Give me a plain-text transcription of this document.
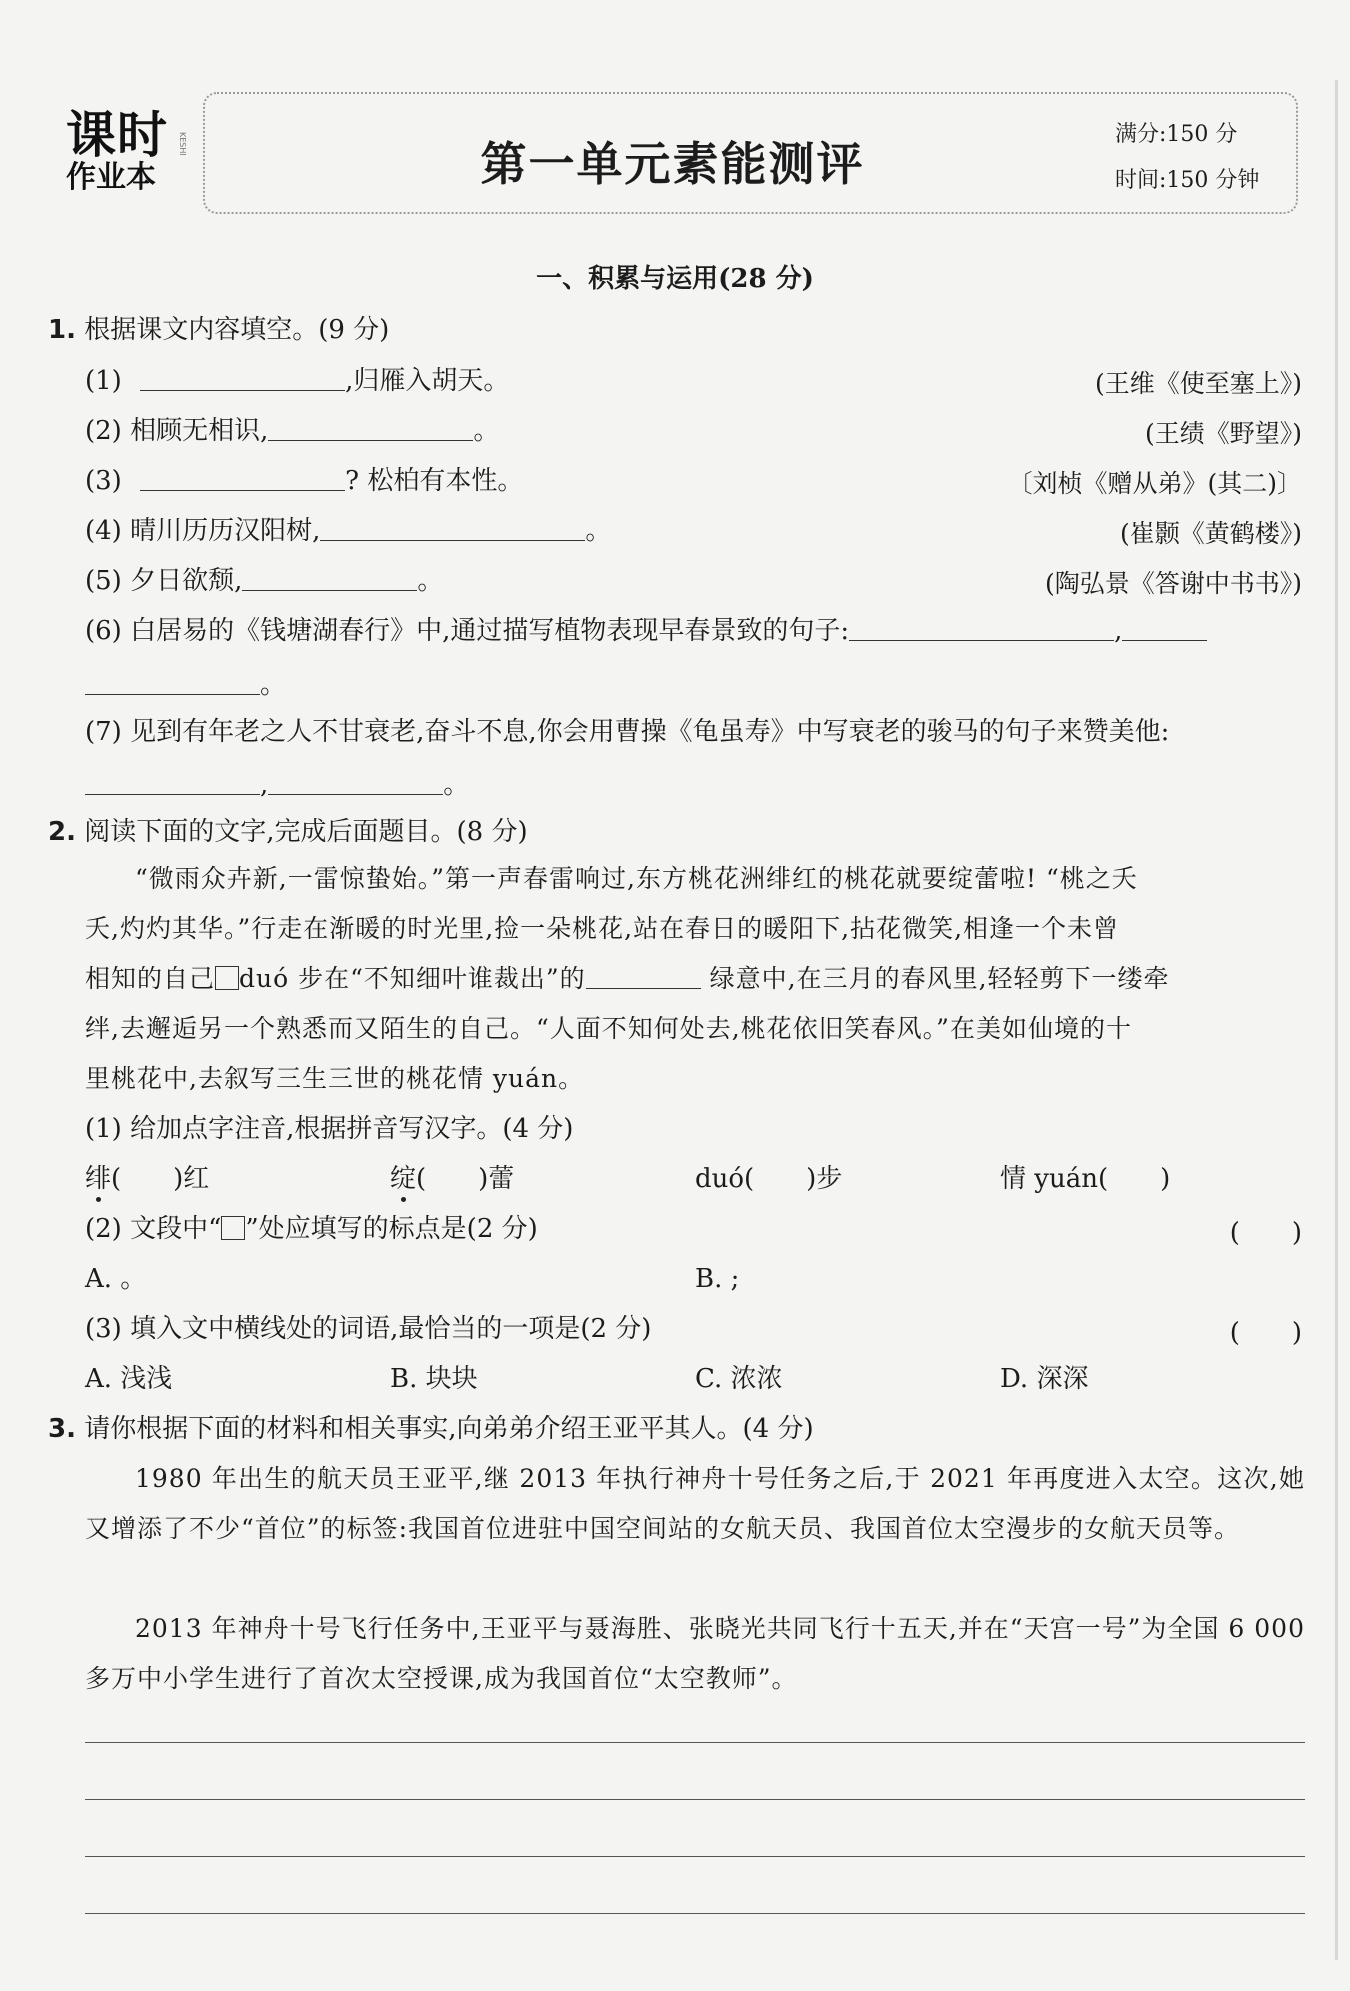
课时
作业本
KESHI	第一单元素能测评
满分:150 分
时间:150 分钟
一、积累与运用(28 分)
1. 根据课文内容填空。(9 分)
(1)	,归雁入胡天。	(王维《使至塞上》)
(2) 相顾无相识,	。	(王绩《野望》)
(3)	? 松柏有本性。	〔刘桢《赠从弟》(其二)〕
(4) 晴川历历汉阳树,	。	(崔颢《黄鹤楼》)
(5) 夕日欲颓,	。	(陶弘景《答谢中书书》)
(6) 白居易的《钱塘湖春行》中,通过描写植物表现早春景致的句子:	,
。
(7) 见到有年老之人不甘衰老,奋斗不息,你会用曹操《龟虽寿》中写衰老的骏马的句子来赞美他:
,	。
2. 阅读下面的文字,完成后面题目。(8 分)
“微雨众卉新,一雷惊蛰始。”第一声春雷响过,东方桃花洲绯红的桃花就要绽蕾啦! “桃之夭
夭,灼灼其华。”行走在渐暖的时光里,捡一朵桃花,站在春日的暖阳下,拈花微笑,相逢一个未曾
相知的自己 duó 步在“不知细叶谁裁出”的	绿意中,在三月的春风里,轻轻剪下一缕牵
绊,去邂逅另一个熟悉而又陌生的自己。“人面不知何处去,桃花依旧笑春风。”在美如仙境的十
里桃花中,去叙写三生三世的桃花情 yuán。
(1) 给加点字注音,根据拼音写汉字。(4 分)
绯(　　)红	绽(　　)蕾	duó(　　)步	情 yuán(　　)
(2) 文段中“ ”处应填写的标点是(2 分)	(　　)
A. 。	B. ;
(3) 填入文中横线处的词语,最恰当的一项是(2 分)	(　　)
A. 浅浅	B. 块块	C. 浓浓	D. 深深
3. 请你根据下面的材料和相关事实,向弟弟介绍王亚平其人。(4 分)
1980 年出生的航天员王亚平,继 2013 年执行神舟十号任务之后,于 2021 年再度进入太空。这次,她又增添了不少“首位”的标签:我国首位进驻中国空间站的女航天员、我国首位太空漫步的女航天员等。
2013 年神舟十号飞行任务中,王亚平与聂海胜、张晓光共同飞行十五天,并在“天宫一号”为全国 6 000 多万中小学生进行了首次太空授课,成为我国首位“太空教师”。
